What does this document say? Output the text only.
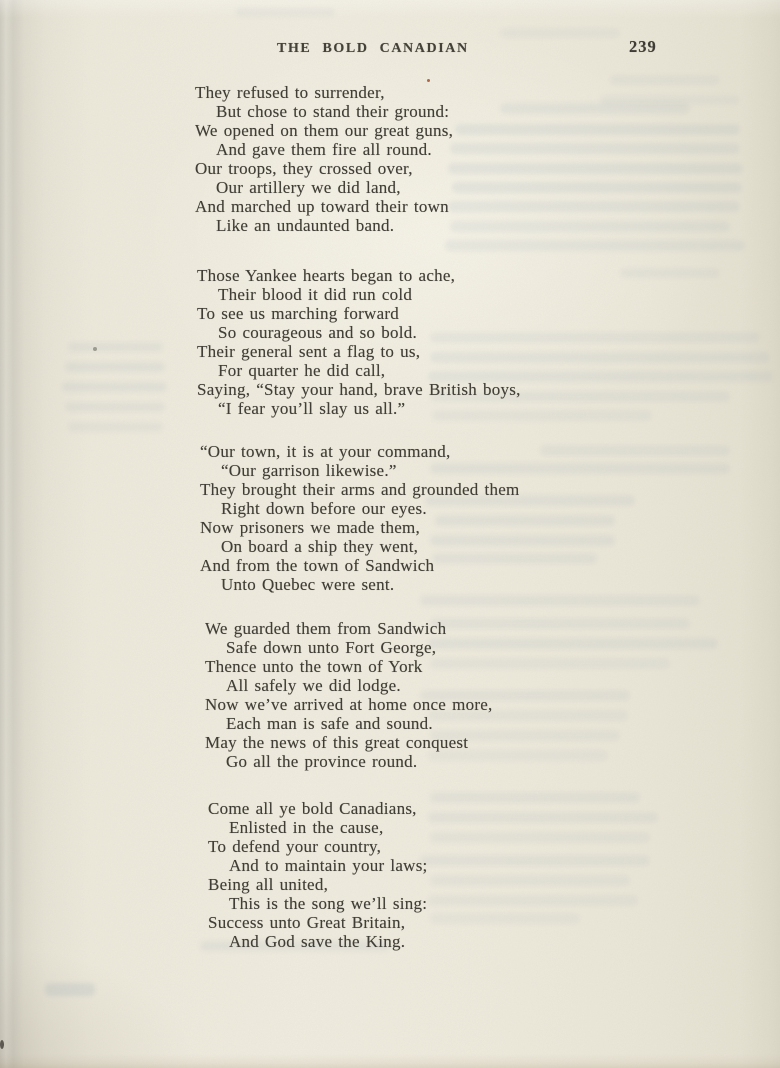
THE BOLD CANADIAN	239
They refused to surrender,
But chose to stand their ground:
We opened on them our great guns,
And gave them fire all round.
Our troops, they crossed over,
Our artillery we did land,
And marched up toward their town
Like an undaunted band.
Those Yankee hearts began to ache,
Their blood it did run cold
To see us marching forward
So courageous and so bold.
Their general sent a flag to us,
For quarter he did call,
Saying, “Stay your hand, brave British boys,
“I fear you’ll slay us all.”
“Our town, it is at your command,
“Our garrison likewise.”
They brought their arms and grounded them
Right down before our eyes.
Now prisoners we made them,
On board a ship they went,
And from the town of Sandwich
Unto Quebec were sent.
We guarded them from Sandwich
Safe down unto Fort George,
Thence unto the town of York
All safely we did lodge.
Now we’ve arrived at home once more,
Each man is safe and sound.
May the news of this great conquest
Go all the province round.
Come all ye bold Canadians,
Enlisted in the cause,
To defend your country,
And to maintain your laws;
Being all united,
This is the song we’ll sing:
Success unto Great Britain,
And God save the King.
